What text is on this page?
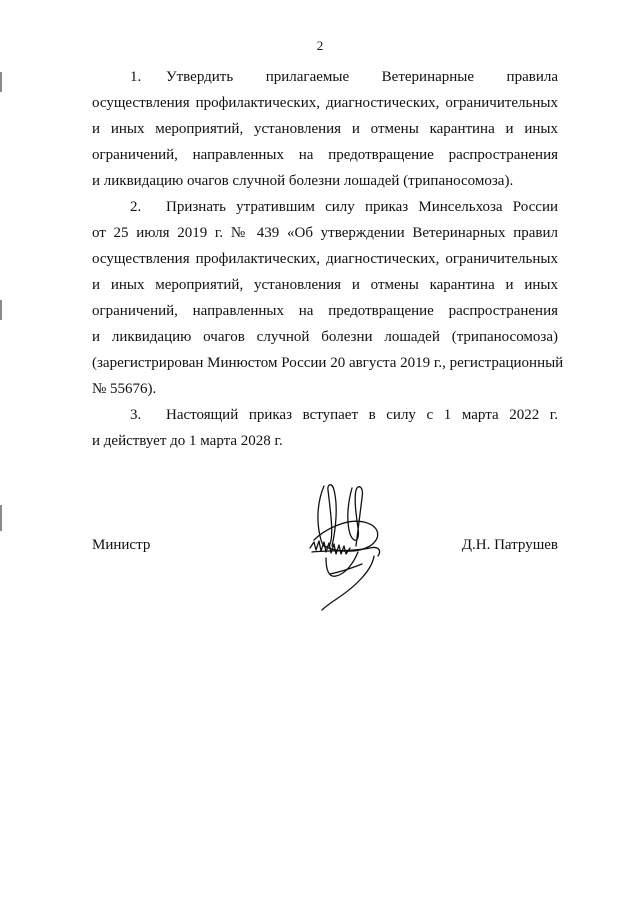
2
1. Утвердить прилагаемые Ветеринарные правила
осуществления профилактических, диагностических, ограничительных
и иных мероприятий, установления и отмены карантина и иных
ограничений, направленных на предотвращение распространения
и ликвидацию очагов случной болезни лошадей (трипаносомоза).
2. Признать утратившим силу приказ Минсельхоза России
от 25 июля 2019 г. № 439 «Об утверждении Ветеринарных правил
осуществления профилактических, диагностических, ограничительных
и иных мероприятий, установления и отмены карантина и иных
ограничений, направленных на предотвращение распространения
и ликвидацию очагов случной болезни лошадей (трипаносомоза)
(зарегистрирован Минюстом России 20 августа 2019 г., регистрационный
№ 55676).
3. Настоящий приказ вступает в силу с 1 марта 2022 г.
и действует до 1 марта 2028 г.
Министр	Д.Н. Патрушев
